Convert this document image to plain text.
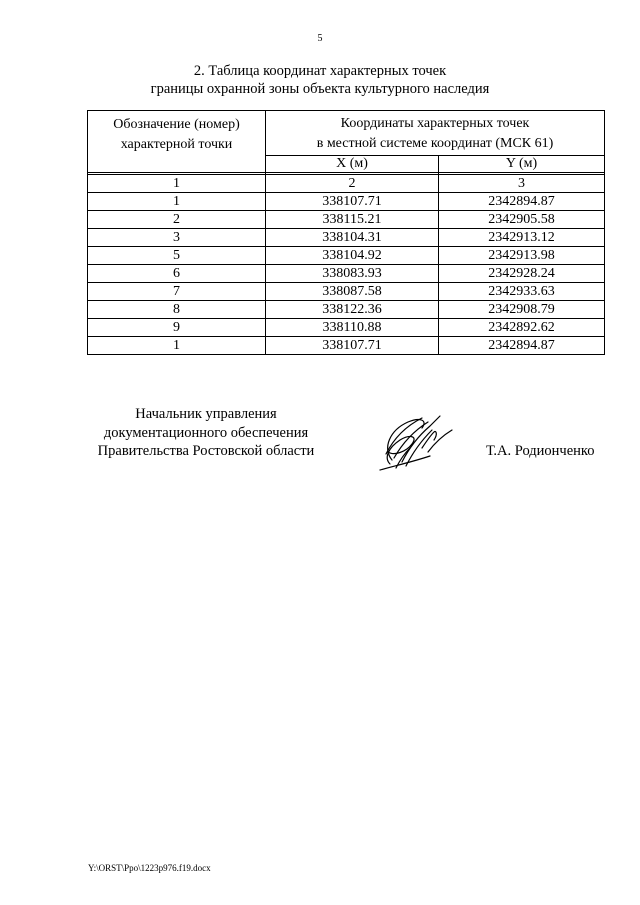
5
2. Таблица координат характерных точек
границы охранной зоны объекта культурного наследия
Обозначение (номер)
характерной точки	Координаты характерных точек
в местной системе координат (МСК 61)	
	X (м)	Y (м)

1	2	3
1	338107.71	2342894.87
2	338115.21	2342905.58
3	338104.31	2342913.12
5	338104.92	2342913.98
6	338083.93	2342928.24
7	338087.58	2342933.63
8	338122.36	2342908.79
9	338110.88	2342892.62
1	338107.71	2342894.87
Начальник управления
документационного обеспечения
Правительства Ростовской области	Т.А. Родионченко
Y:\ORST\Ppo\1223p976.f19.docx
